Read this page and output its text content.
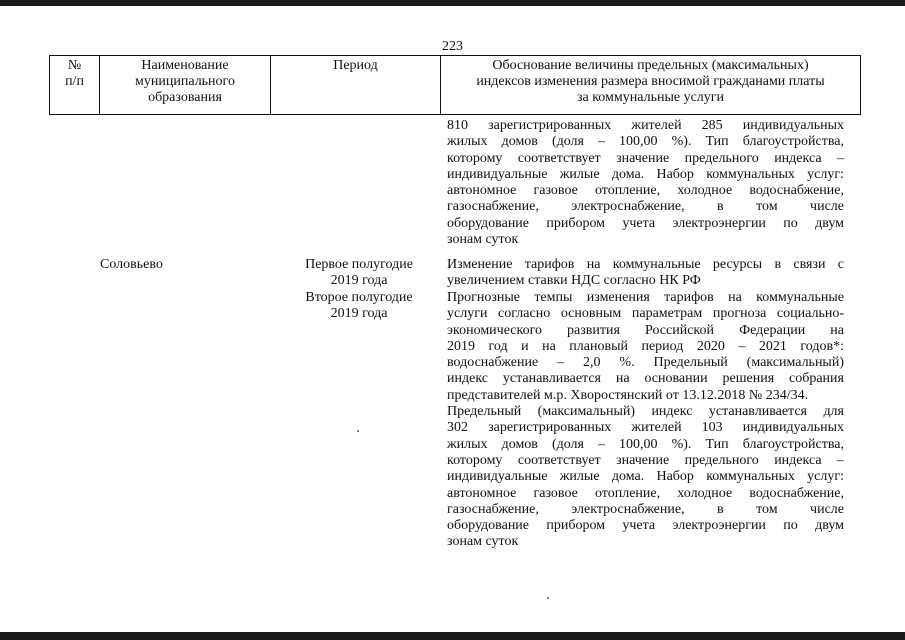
223
№
п/п
Наименование
муниципального
образования
Период	Обоснование величины предельных (максимальных)
индексов изменения размера вносимой гражданами платы
за коммунальные услуги
810 зарегистрированных жителей 285 индивидуальных
жилых домов (доля – 100,00 %). Тип благоустройства,
которому соответствует значение предельного индекса –
индивидуальные жилые дома. Набор коммунальных услуг:
автономное газовое отопление, холодное водоснабжение,
газоснабжение, электроснабжение, в том числе
оборудование прибором учета электроэнергии по двум
зонам суток
Соловьево	Первое полугодие
2019 года
Второе полугодие
2019 года
Изменение тарифов на коммунальные ресурсы в связи с
увеличением ставки НДС согласно НК РФ
Прогнозные темпы изменения тарифов на коммунальные
услуги согласно основным параметрам прогноза социально-
экономического развития Российской Федерации на
2019 год и на плановый период 2020 – 2021 годов*:
водоснабжение – 2,0 %. Предельный (максимальный)
индекс устанавливается на основании решения собрания
представителей м.р. Хворостянский от 13.12.2018 № 234/34.
Предельный (максимальный) индекс устанавливается для
302 зарегистрированных жителей 103 индивидуальных
жилых домов (доля – 100,00 %). Тип благоустройства,
которому соответствует значение предельного индекса –
индивидуальные жилые дома. Набор коммунальных услуг:
автономное газовое отопление, холодное водоснабжение,
газоснабжение, электроснабжение, в том числе
оборудование прибором учета электроэнергии по двум
зонам суток
